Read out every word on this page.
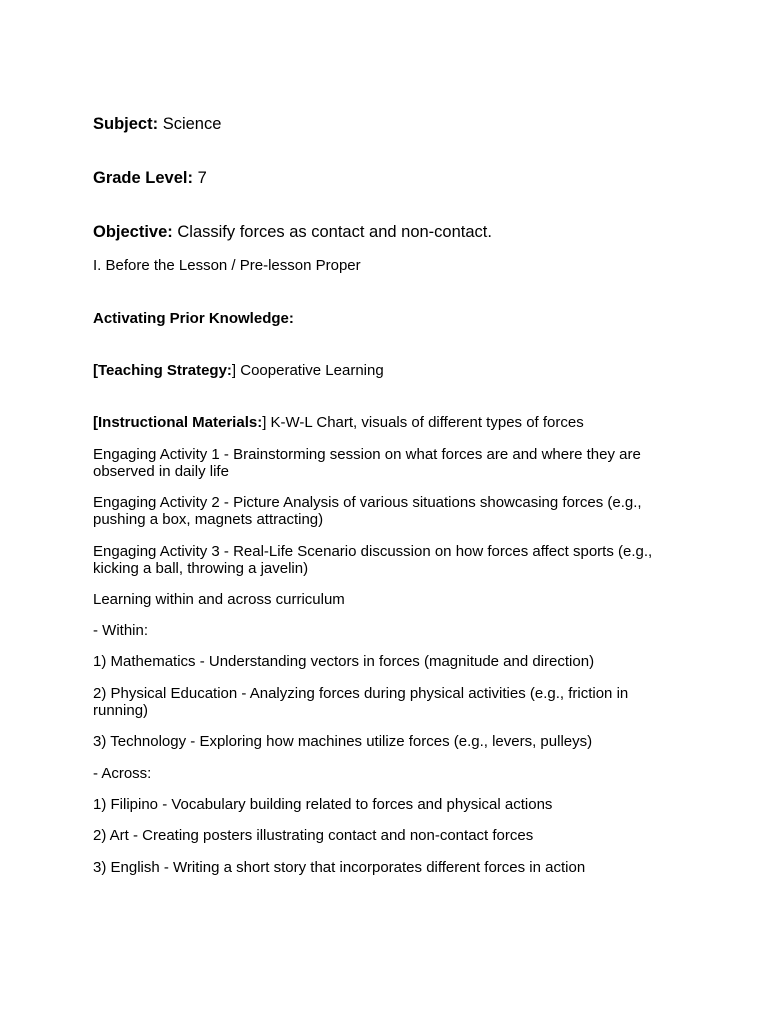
Subject: Science
Grade Level: 7
Objective: Classify forces as contact and non-contact.
I. Before the Lesson / Pre-lesson Proper
Activating Prior Knowledge:
[Teaching Strategy:] Cooperative Learning
[Instructional Materials:] K-W-L Chart, visuals of different types of forces
Engaging Activity 1 - Brainstorming session on what forces are and where they are observed in daily life
Engaging Activity 2 - Picture Analysis of various situations showcasing forces (e.g., pushing a box, magnets attracting)
Engaging Activity 3 - Real-Life Scenario discussion on how forces affect sports (e.g., kicking a ball, throwing a javelin)
Learning within and across curriculum
- Within:
1) Mathematics - Understanding vectors in forces (magnitude and direction)
2) Physical Education - Analyzing forces during physical activities (e.g., friction in running)
3) Technology - Exploring how machines utilize forces (e.g., levers, pulleys)
- Across:
1) Filipino - Vocabulary building related to forces and physical actions
2) Art - Creating posters illustrating contact and non-contact forces
3) English - Writing a short story that incorporates different forces in action
